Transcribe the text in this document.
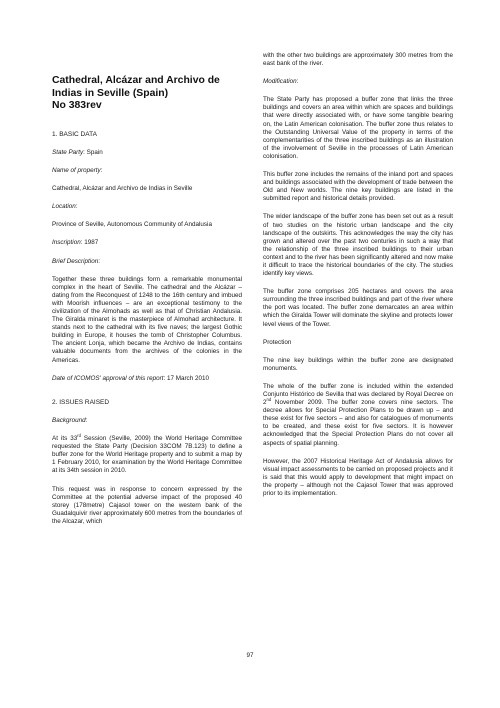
Cathedral, Alcázar and Archivo de
Indias in Seville (Spain)
No 383rev
1. BASIC DATA

State Party: Spain

Name of property:

Cathedral, Alcázar and Archivo de Indias in Seville

Location:

Province of Seville, Autonomous Community of Andalusia

Inscription: 1987

Brief Description:

Together these three buildings form a remarkable monumental complex in the heart of Seville. The cathedral and the Alcázar – dating from the Reconquest of 1248 to the 16th century and imbued with Moorish influences – are an exceptional testimony to the civilization of the Almohads as well as that of Christian Andalusia. The Giralda minaret is the masterpiece of Almohad architecture. It stands next to the cathedral with its five naves; the largest Gothic building in Europe, it houses the tomb of Christopher Columbus. The ancient Lonja, which became the Archivo de Indias, contains valuable documents from the archives of the colonies in the Americas.

Date of ICOMOS' approval of this report: 17 March 2010

2. ISSUES RAISED

Background:

At its 33rd Session (Seville, 2009) the World Heritage Committee requested the State Party (Decision 33COM 7B.123) to define a buffer zone for the World Heritage property and to submit a map by 1 February 2010, for examination by the World Heritage Committee at its 34th session in 2010.

This request was in response to concern expressed by the Committee at the potential adverse impact of the proposed 40 storey (178metre) Cajasol tower on the western bank of the Guadalquivir river approximately 600 metres from the boundaries of the Alcazar, which

with the other two buildings are approximately 300 metres from the east bank of the river.

Modification:

The State Party has proposed a buffer zone that links the three buildings and covers an area within which are spaces and buildings that were directly associated with, or have some tangible bearing on, the Latin American colonisation. The buffer zone thus relates to the Outstanding Universal Value of the property in terms of the complementarities of the three inscribed buildings as an illustration of the involvement of Seville in the processes of Latin American colonisation.

This buffer zone includes the remains of the inland port and spaces and buildings associated with the development of trade between the Old and New worlds. The nine key buildings are listed in the submitted report and historical details provided.

The wider landscape of the buffer zone has been set out as a result of two studies on the historic urban landscape and the city landscape of the outskirts. This acknowledges the way the city has grown and altered over the past two centuries in such a way that the relationship of the three inscribed buildings to their urban context and to the river has been significantly altered and now make it difficult to trace the historical boundaries of the city. The studies identify key views.

The buffer zone comprises 205 hectares and covers the area surrounding the three inscribed buildings and part of the river where the port was located. The buffer zone demarcates an area within which the Giralda Tower will dominate the skyline and protects lower level views of the Tower.

Protection

The nine key buildings within the buffer zone are designated monuments.

The whole of the buffer zone is included within the extended Conjunto Histórico de Sevilla that was declared by Royal Decree on 2nd November 2009. The buffer zone covers nine sectors. The decree allows for Special Protection Plans to be drawn up – and these exist for five sectors – and also for catalogues of monuments to be created, and these exist for five sectors. It is however acknowledged that the Special Protection Plans do not cover all aspects of spatial planning.

However, the 2007 Historical Heritage Act of Andalusia allows for visual impact assessments to be carried on proposed projects and it is said that this would apply to development that might impact on the property – although not the Cajasol Tower that was approved prior to its implementation.

97
